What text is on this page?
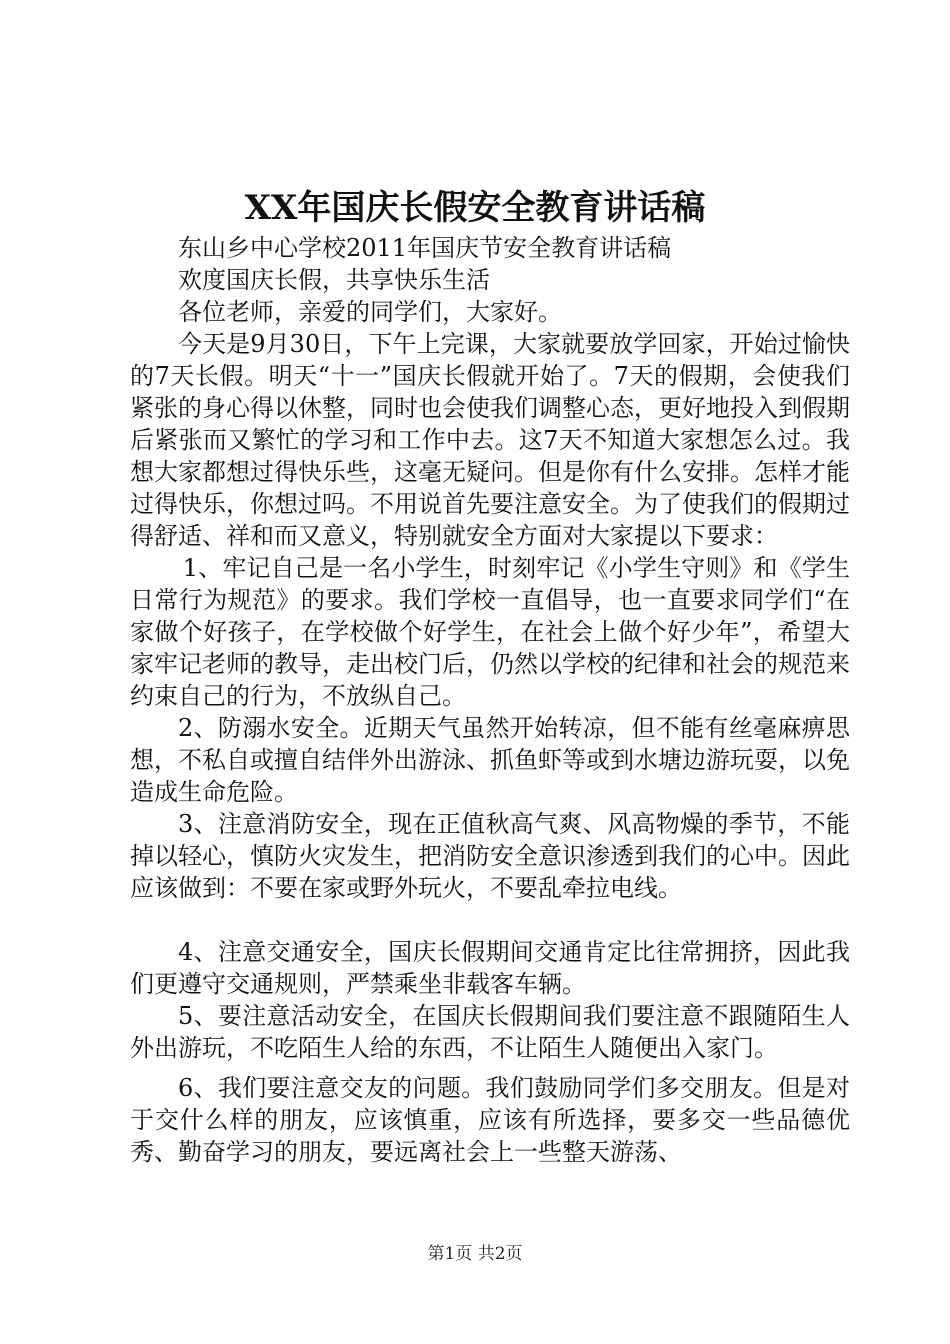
XX年国庆长假安全教育讲话稿

东山乡中心学校2011年国庆节安全教育讲话稿

欢度国庆长假，共享快乐生活

各位老师，亲爱的同学们，大家好。

今天是9月30日，下午上完课，大家就要放学回家，开始过愉快的7天长假。明天“十一”国庆长假就开始了。7天的假期，会使我们紧张的身心得以休整，同时也会使我们调整心态，更好地投入到假期后紧张而又繁忙的学习和工作中去。这7天不知道大家想怎么过。我想大家都想过得快乐些，这毫无疑问。但是你有什么安排。怎样才能过得快乐，你想过吗。不用说首先要注意安全。为了使我们的假期过得舒适、祥和而又意义，特别就安全方面对大家提以下要求：

1、牢记自己是一名小学生，时刻牢记《小学生守则》和《学生日常行为规范》的要求。我们学校一直倡导，也一直要求同学们“在家做个好孩子，在学校做个好学生，在社会上做个好少年”，希望大家牢记老师的教导，走出校门后，仍然以学校的纪律和社会的规范来约束自己的行为，不放纵自己。

2、防溺水安全。近期天气虽然开始转凉，但不能有丝毫麻痹思想，不私自或擅自结伴外出游泳、抓鱼虾等或到水塘边游玩耍，以免造成生命危险。

3、注意消防安全，现在正值秋高气爽、风高物燥的季节，不能掉以轻心，慎防火灾发生，把消防安全意识渗透到我们的心中。因此应该做到：不要在家或野外玩火，不要乱牵拉电线。

4、注意交通安全，国庆长假期间交通肯定比往常拥挤，因此我们更遵守交通规则，严禁乘坐非载客车辆。

5、要注意活动安全，在国庆长假期间我们要注意不跟随陌生人外出游玩，不吃陌生人给的东西，不让陌生人随便出入家门。

6、我们要注意交友的问题。我们鼓励同学们多交朋友。但是对于交什么样的朋友，应该慎重，应该有所选择，要多交一些品德优秀、勤奋学习的朋友，要远离社会上一些整天游荡、

第1页 共2页
